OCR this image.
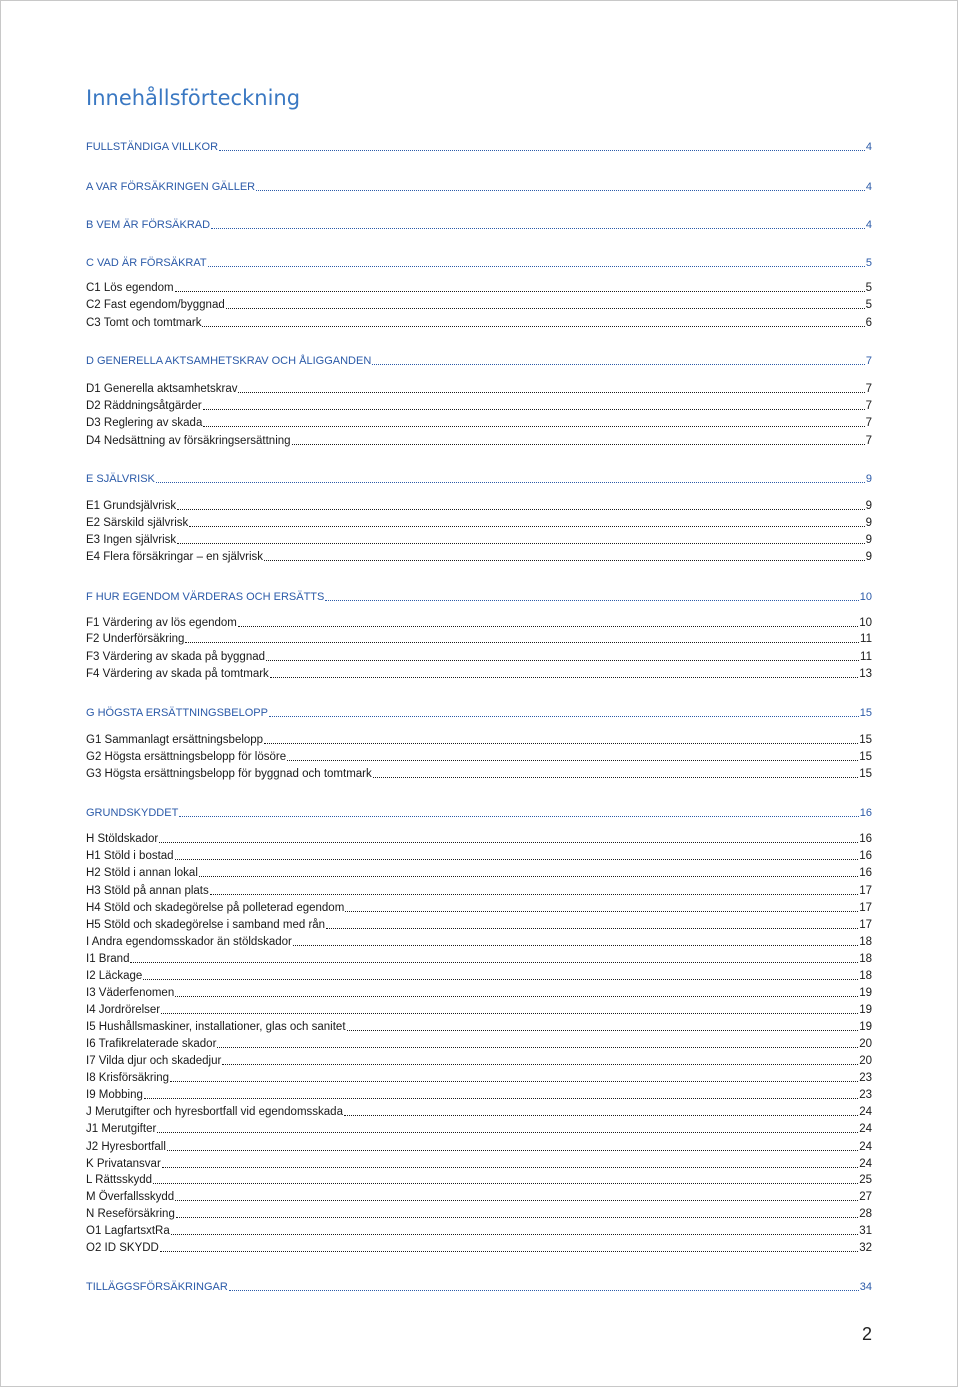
Innehållsförteckning
FULLSTÄNDIGA VILLKOR	4
A VAR FÖRSÄKRINGEN GÄLLER	4
B VEM ÄR FÖRSÄKRAD	4
C VAD ÄR FÖRSÄKRAT	5
C1 Lös egendom	5
C2 Fast egendom/byggnad	5
C3 Tomt och tomtmark	6
D GENERELLA AKTSAMHETSKRAV OCH ÅLIGGANDEN	7
D1 Generella aktsamhetskrav	7
D2 Räddningsåtgärder	7
D3 Reglering av skada	7
D4 Nedsättning av försäkringsersättning	7
E SJÄLVRISK	9
E1 Grundsjälvrisk	9
E2 Särskild självrisk	9
E3 Ingen självrisk	9
E4 Flera försäkringar – en självrisk	9
F HUR EGENDOM VÄRDERAS OCH ERSÄTTS	10
F1 Värdering av lös egendom	10
F2 Underförsäkring	11
F3 Värdering av skada på byggnad	11
F4 Värdering av skada på tomtmark	13
G HÖGSTA ERSÄTTNINGSBELOPP	15
G1 Sammanlagt ersättningsbelopp	15
G2 Högsta ersättningsbelopp för lösöre	15
G3 Högsta ersättningsbelopp för byggnad och tomtmark	15
GRUNDSKYDDET	16
H Stöldskador	16
H1 Stöld i bostad	16
H2 Stöld i annan lokal	16
H3 Stöld på annan plats	17
H4 Stöld och skadegörelse på polleterad egendom	17
H5 Stöld och skadegörelse i samband med rån	17
I Andra egendomsskador än stöldskador	18
I1 Brand	18
I2 Läckage	18
I3 Väderfenomen	19
I4 Jordrörelser	19
I5 Hushållsmaskiner, installationer, glas och sanitet	19
I6 Trafikrelaterade skador	20
I7 Vilda djur och skadedjur	20
I8 Krisförsäkring	23
I9 Mobbing	23
J Merutgifter och hyresbortfall vid egendomsskada	24
J1 Merutgifter	24
J2 Hyresbortfall	24
K Privatansvar	24
L Rättsskydd	25
M Överfallsskydd	27
N Reseförsäkring	28
O1 LagfartsxtRa	31
O2 ID SKYDD	32
TILLÄGGSFÖRSÄKRINGAR	34
2
